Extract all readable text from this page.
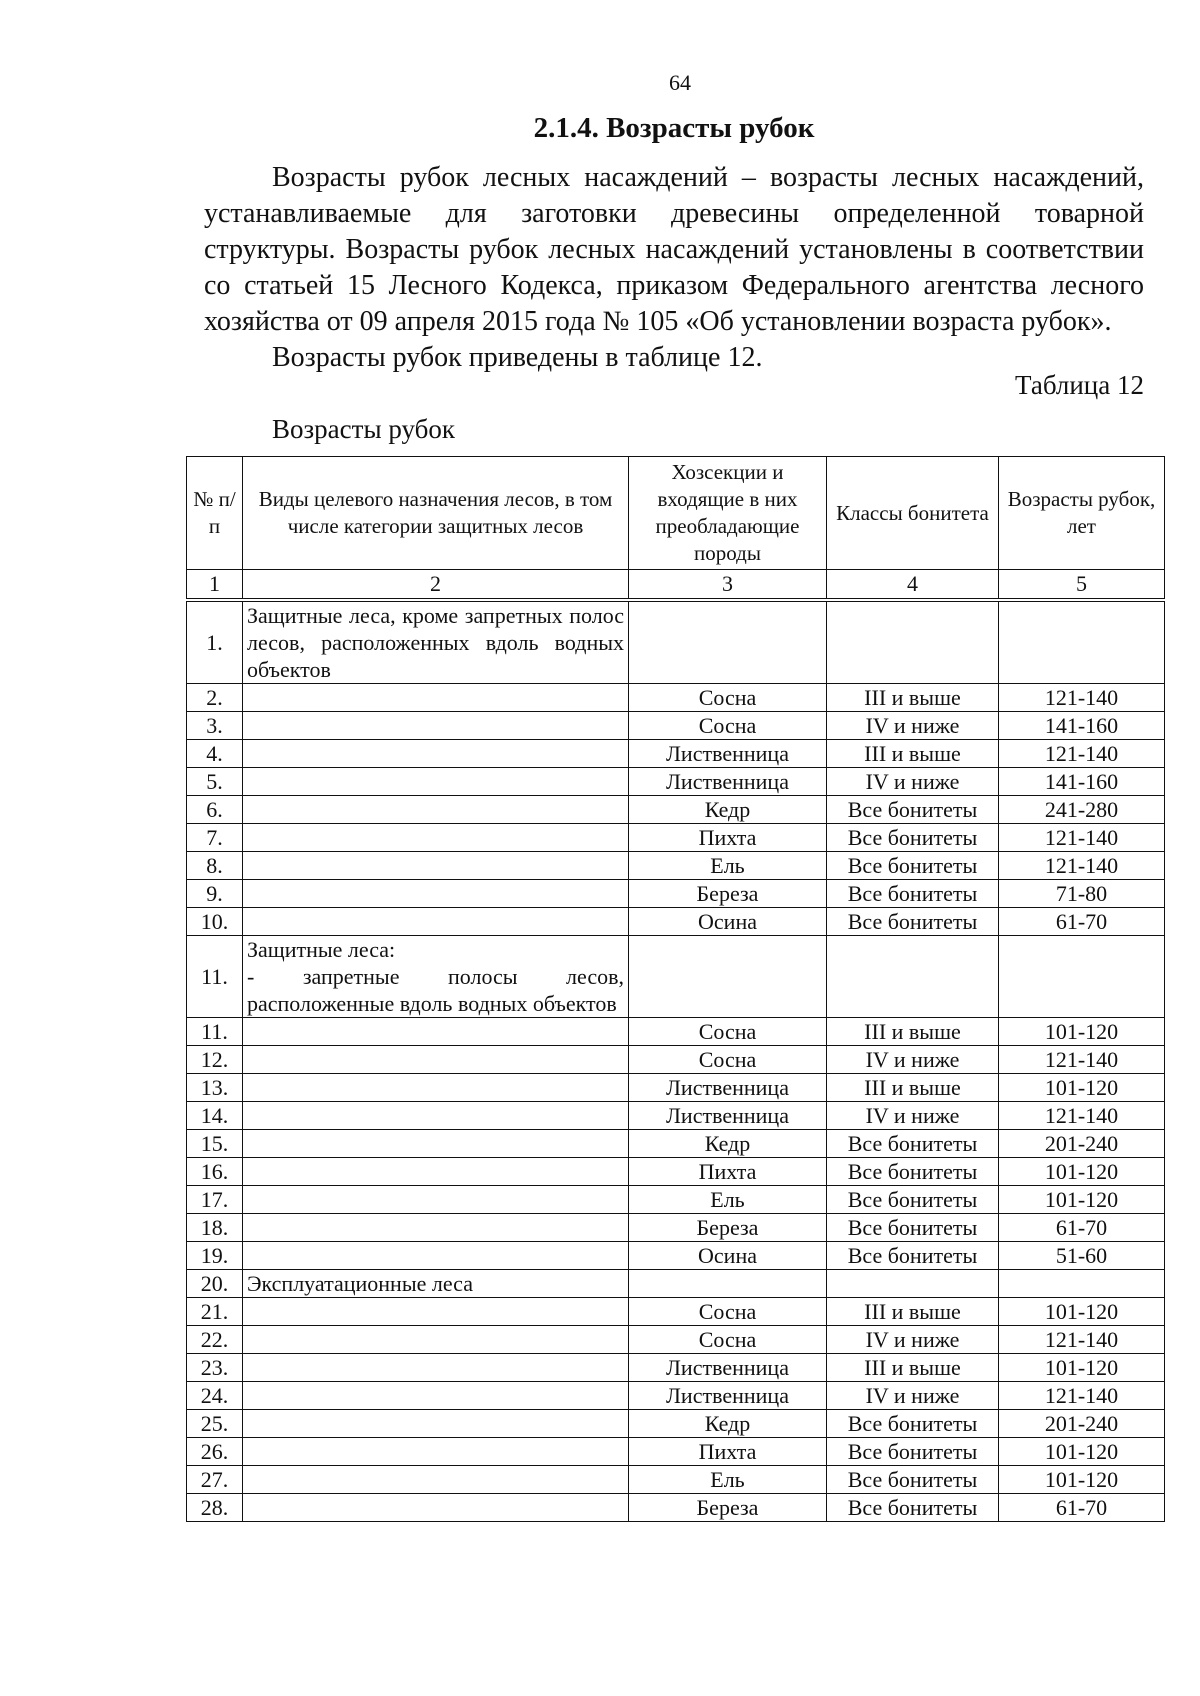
64
2.1.4. Возрасты рубок

Возрасты рубок лесных насаждений – возрасты лесных насаждений, устанавливаемые для заготовки древесины определенной товарной структуры. Возрасты рубок лесных насаждений установлены в соответствии со статьей 15 Лесного Кодекса, приказом Федерального агентства лесного хозяйства от 09 апреля 2015 года № 105 «Об установлении возраста рубок».

Возрасты рубок приведены в таблице 12.

Таблица 12
Возрасты рубок
№ п/п	Виды целевого назначения лесов, в том числе категории защитных лесов	Хозсекции и входящие в них преобладающие породы	Классы бонитета	Возрасты рубок, лет
1	2	3	4	5
1.	Защитные леса, кроме запретных полос лесов, расположенных вдоль водных объектов			
2.		Сосна	III и выше	121-140
3.		Сосна	IV и ниже	141-160
4.		Лиственница	III и выше	121-140
5.		Лиственница	IV и ниже	141-160
6.		Кедр	Все бонитеты	241-280
7.		Пихта	Все бонитеты	121-140
8.		Ель	Все бонитеты	121-140
9.		Береза	Все бонитеты	71-80
10.		Осина	Все бонитеты	61-70
11.	Защитные леса:
- запретные полосы лесов, расположенные вдоль водных объектов			
11.		Сосна	III и выше	101-120
12.		Сосна	IV и ниже	121-140
13.		Лиственница	III и выше	101-120
14.		Лиственница	IV и ниже	121-140
15.		Кедр	Все бонитеты	201-240
16.		Пихта	Все бонитеты	101-120
17.		Ель	Все бонитеты	101-120
18.		Береза	Все бонитеты	61-70
19.		Осина	Все бонитеты	51-60
20.	Эксплуатационные леса			
21.		Сосна	III и выше	101-120
22.		Сосна	IV и ниже	121-140
23.		Лиственница	III и выше	101-120
24.		Лиственница	IV и ниже	121-140
25.		Кедр	Все бонитеты	201-240
26.		Пихта	Все бонитеты	101-120
27.		Ель	Все бонитеты	101-120
28.		Береза	Все бонитеты	61-70
